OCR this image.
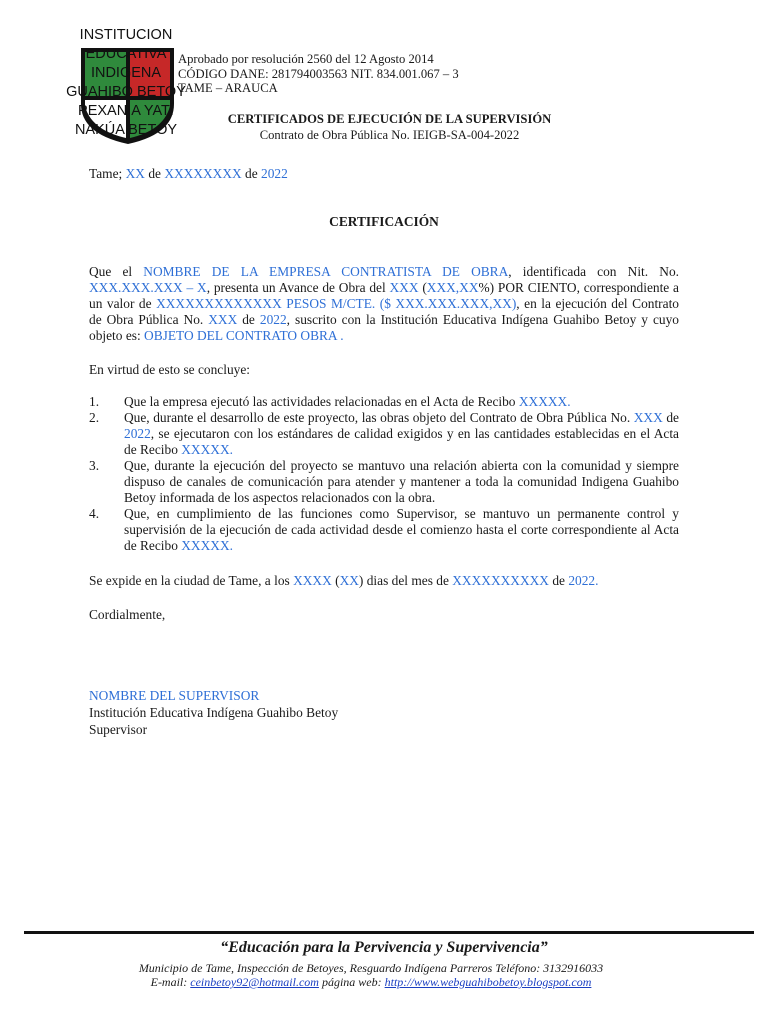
INSTITUCION
EDUCATIVA
INDIGENA
GUAHIBO BETOY
PEXANIA YATÍ
NAKÚA BETOY
Aprobado por resolución 2560 del 12 Agosto 2014
CÓDIGO DANE: 281794003563 NIT. 834.001.067 – 3
TAME – ARAUCA
CERTIFICADOS DE EJECUCIÓN DE LA SUPERVISIÓN
Contrato de Obra Pública No. IEIGB-SA-004-2022
Tame; XX de XXXXXXXX de 2022
CERTIFICACIÓN
Que el NOMBRE DE LA EMPRESA CONTRATISTA DE OBRA, identificada con Nit. No. XXX.XXX.XXX – X, presenta un Avance de Obra del XXX (XXX,XX%) POR CIENTO, correspondiente a un valor de XXXXXXXXXXXXX PESOS M/CTE. ($ XXX.XXX.XXX,XX), en la ejecución del Contrato de Obra Pública No. XXX de 2022, suscrito con la Institución Educativa Indígena Guahibo Betoy y cuyo objeto es: OBJETO DEL CONTRATO OBRA .
En virtud de esto se concluye:
1. Que la empresa ejecutó las actividades relacionadas en el Acta de Recibo XXXXX.
2. Que, durante el desarrollo de este proyecto, las obras objeto del Contrato de Obra Pública No. XXX de 2022, se ejecutaron con los estándares de calidad exigidos y en las cantidades establecidas en el Acta de Recibo XXXXX.
3. Que, durante la ejecución del proyecto se mantuvo una relación abierta con la comunidad y siempre dispuso de canales de comunicación para atender y mantener a toda la comunidad Indigena Guahibo Betoy informada de los aspectos relacionados con la obra.
4. Que, en cumplimiento de las funciones como Supervisor, se mantuvo un permanente control y supervisión de la ejecución de cada actividad desde el comienzo hasta el corte correspondiente al Acta de Recibo XXXXX.
Se expide en la ciudad de Tame, a los XXXX (XX) dias del mes de XXXXXXXXXX de 2022.
Cordialmente,
NOMBRE DEL SUPERVISOR
Institución Educativa Indígena Guahibo Betoy
Supervisor
“Educación para la Pervivencia y Supervivencia”
Municipio de Tame, Inspección de Betoyes, Resguardo Indígena Parreros Teléfono: 3132916033
E-mail: ceinbetoy92@hotmail.com página web: http://www.webguahibobetoy.blogspot.com
